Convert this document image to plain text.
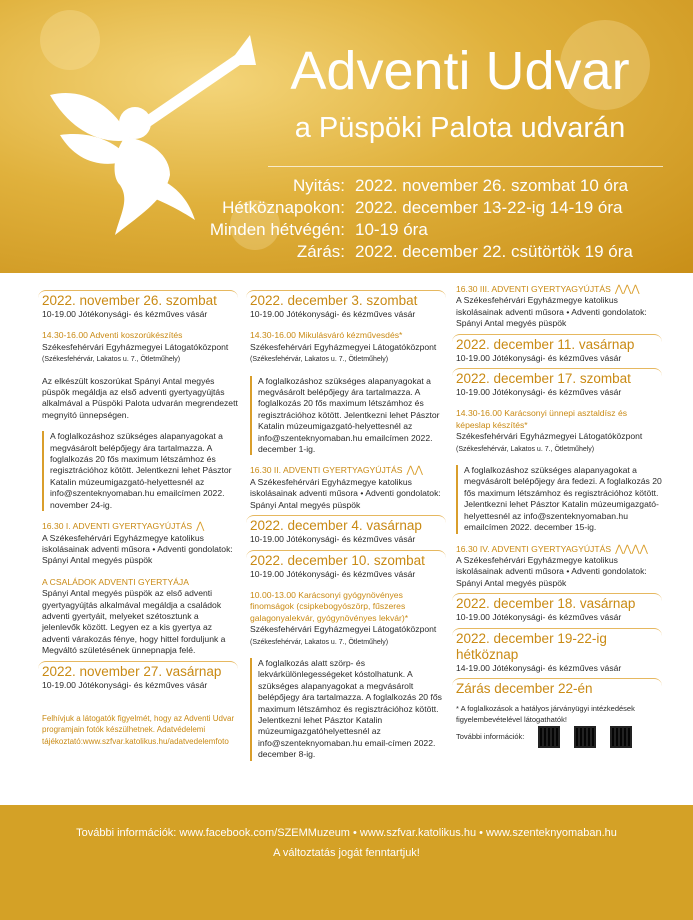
Adventi Udvar
a Püspöki Palota udvarán
Nyitás: 2022. november 26. szombat 10 óra
Hétköznapokon: 2022. december 13-22-ig 14-19 óra
Minden hétvégén: 10-19 óra
Zárás: 2022. december 22. csütörtök 19 óra
2022. november 26. szombat
10-19.00 Jótékonysági- és kézműves vásár
14.30-16.00 Adventi koszorúkészítés
Székesfehérvári Egyházmegyei Látogatóközpont (Székesfehérvár, Lakatos u. 7., Ötletműhely)
Az elkészült koszorúkat Spányi Antal megyés püspök megáldja az első adventi gyertyagyújtás alkalmával a Püspöki Palota udvarán megrendezett megnyitó ünnepségen.
A foglalkozáshoz szükséges alapanyagokat a megvásárolt belépőjegy ára tartalmazza. A foglalkozás 20 fős maximum létszámhoz és regisztrációhoz kötött. Jelentkezni lehet Pásztor Katalin múzeumigazgató-helyettesnél az info@szenteknyomaban.hu emailcímen 2022. november 24-ig.
16.30 I. ADVENTI GYERTYAGYÚJTÁS ⋀
A Székesfehérvári Egyházmegye katolikus iskolásainak adventi műsora • Adventi gondolatok: Spányi Antal megyés püspök
A CSALÁDOK ADVENTI GYERTYÁJA
Spányi Antal megyés püspök az első adventi gyertyagyújtás alkalmával megáldja a családok adventi gyertyáit, melyeket szétosztunk a jelenlevők között. Legyen ez a kis gyertya az adventi várakozás fénye, hogy hittel forduljunk a Megváltó születésének ünnepnapja felé.
2022. november 27. vasárnap
10-19.00 Jótékonysági- és kézműves vásár
Felhívjuk a látogatók figyelmét, hogy az Adventi Udvar programjain fotók készülhetnek. Adatvédelemi tájékoztató:www.szfvar.katolikus.hu/adatvedelemfoto
2022. december 3. szombat
10-19.00 Jótékonysági- és kézműves vásár
14.30-16.00 Mikulásváró kézművesdés*
Székesfehérvári Egyházmegyei Látogatóközpont (Székesfehérvár, Lakatos u. 7., Ötletműhely)
A foglalkozáshoz szükséges alapanyagokat a megvásárolt belépőjegy ára tartalmazza. A foglalkozás 20 fős maximum létszámhoz és regisztrációhoz kötött. Jelentkezni lehet Pásztor Katalin múzeumigazgató-helyettesnél az info@szenteknyomaban.hu emailcímen 2022. december 1-ig.
16.30 II. ADVENTI GYERTYAGYÚJTÁS ⋀⋀
A Székesfehérvári Egyházmegye katolikus iskolásainak adventi műsora • Adventi gondolatok: Spányi Antal megyés püspök
2022. december 4. vasárnap
10-19.00 Jótékonysági- és kézműves vásár
2022. december 10. szombat
10-19.00 Jótékonysági- és kézműves vásár
10.00-13.00 Karácsonyi gyógynövényes finomságok (csipkebogyószörp, fűszeres galagonyalekvár, gyógynövényes lekvár)*
Székesfehérvári Egyházmegyei Látogatóközpont (Székesfehérvár, Lakatos u. 7., Ötletműhely)
A foglalkozás alatt szörp- és lekvárkülönlegességeket kóstolhatunk. A szükséges alapanyagokat a megvásárolt belépőjegy ára tartalmazza. A foglalkozás 20 fős maximum létszámhoz és regisztrációhoz kötött. Jelentkezni lehet Pásztor Katalin múzeumigazgatóhelyettesnél az info@szenteknyomaban.hu email-címen 2022. december 8-ig.
16.30 III. ADVENTI GYERTYAGYÚJTÁS ⋀⋀⋀
A Székesfehérvári Egyházmegye katolikus iskolásainak adventi műsora • Adventi gondolatok: Spányi Antal megyés püspök
2022. december 11. vasárnap
10-19.00 Jótékonysági- és kézműves vásár
2022. december 17. szombat
10-19.00 Jótékonysági- és kézműves vásár
14.30-16.00 Karácsonyi ünnepi asztaldísz és képeslap készítés*
Székesfehérvári Egyházmegyei Látogatóközpont (Székesfehérvár, Lakatos u. 7., Ötletműhely)
A foglalkozáshoz szükséges alapanyagokat a megvásárolt belépőjegy ára fedezi. A foglalkozás 20 fős maximum létszámhoz és regisztrációhoz kötött. Jelentkezni lehet Pásztor Katalin múzeumigazgató-helyettesnél az info@szenteknyomaban.hu emailcímen 2022. december 15-ig.
16.30 IV. ADVENTI GYERTYAGYÚJTÁS ⋀⋀⋀⋀
A Székesfehérvári Egyházmegye katolikus iskolásainak adventi műsora • Adventi gondolatok: Spányi Antal megyés püspök
2022. december 18. vasárnap
10-19.00 Jótékonysági- és kézműves vásár
2022. december 19-22-ig hétköznap
14-19.00 Jótékonysági- és kézműves vásár
Zárás december 22-én
* A foglalkozások a hatályos járványügyi intézkedések figyelembevételével látogathatók!
További információk:
További információk: www.facebook.com/SZEMMuzeum • www.szfvar.katolikus.hu • www.szenteknyomaban.hu
A változtatás jogát fenntartjuk!
